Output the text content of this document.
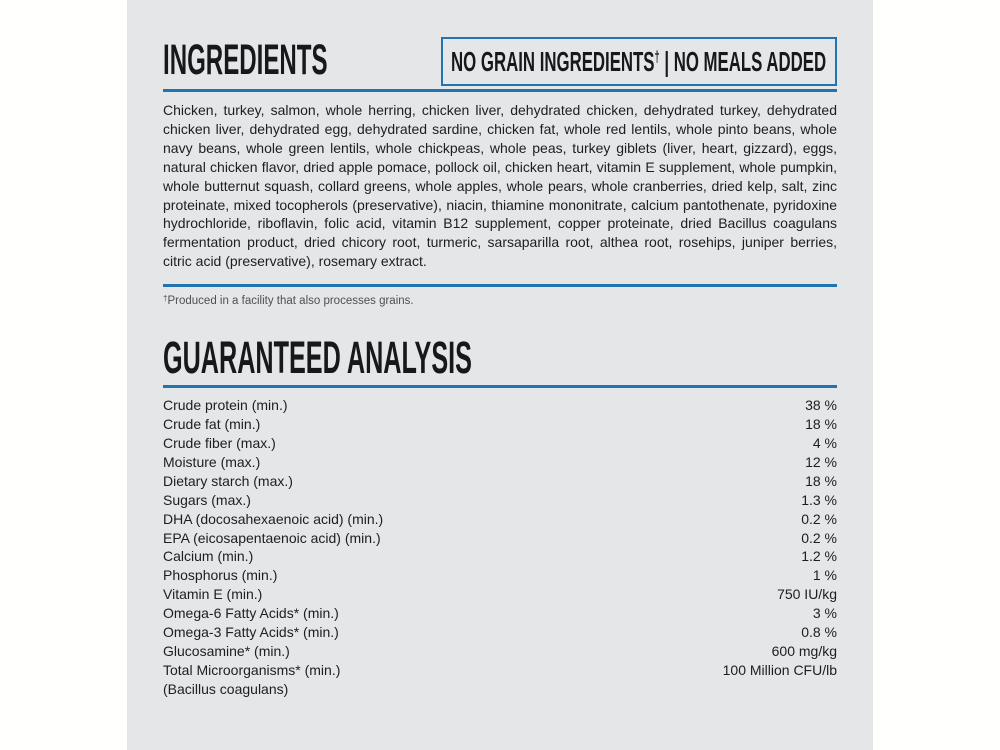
INGREDIENTS	NO GRAIN INGREDIENTS† | NO MEALS ADDED

Chicken, turkey, salmon, whole herring, chicken liver, dehydrated chicken, dehydrated turkey, dehydrated chicken liver, dehydrated egg, dehydrated sardine, chicken fat, whole red lentils, whole pinto beans, whole navy beans, whole green lentils, whole chickpeas, whole peas, turkey giblets (liver, heart, gizzard), eggs, natural chicken flavor, dried apple pomace, pollock oil, chicken heart, vitamin E supplement, whole pumpkin, whole butternut squash, collard greens, whole apples, whole pears, whole cranberries, dried kelp, salt, zinc proteinate, mixed tocopherols (preservative), niacin, thiamine mononitrate, calcium pantothenate, pyridoxine hydrochloride, riboflavin, folic acid, vitamin B12 supplement, copper proteinate, dried Bacillus coagulans fermentation product, dried chicory root, turmeric, sarsaparilla root, althea root, rosehips, juniper berries, citric acid (preservative), rosemary extract.

†Produced in a facility that also processes grains.

GUARANTEED ANALYSIS
Crude protein (min.)	38 %
Crude fat (min.)	18 %
Crude fiber (max.)	4 %
Moisture (max.)	12 %
Dietary starch (max.)	18 %
Sugars (max.)	1.3 %
DHA (docosahexaenoic acid) (min.)	0.2 %
EPA (eicosapentaenoic acid) (min.)	0.2 %
Calcium (min.)	1.2 %
Phosphorus (min.)	1 %
Vitamin E (min.)	750 IU/kg
Omega-6 Fatty Acids* (min.)	3 %
Omega-3 Fatty Acids* (min.)	0.8 %
Glucosamine* (min.)	600 mg/kg
Total Microorganisms* (min.)	100 Million CFU/lb
(Bacillus coagulans)
